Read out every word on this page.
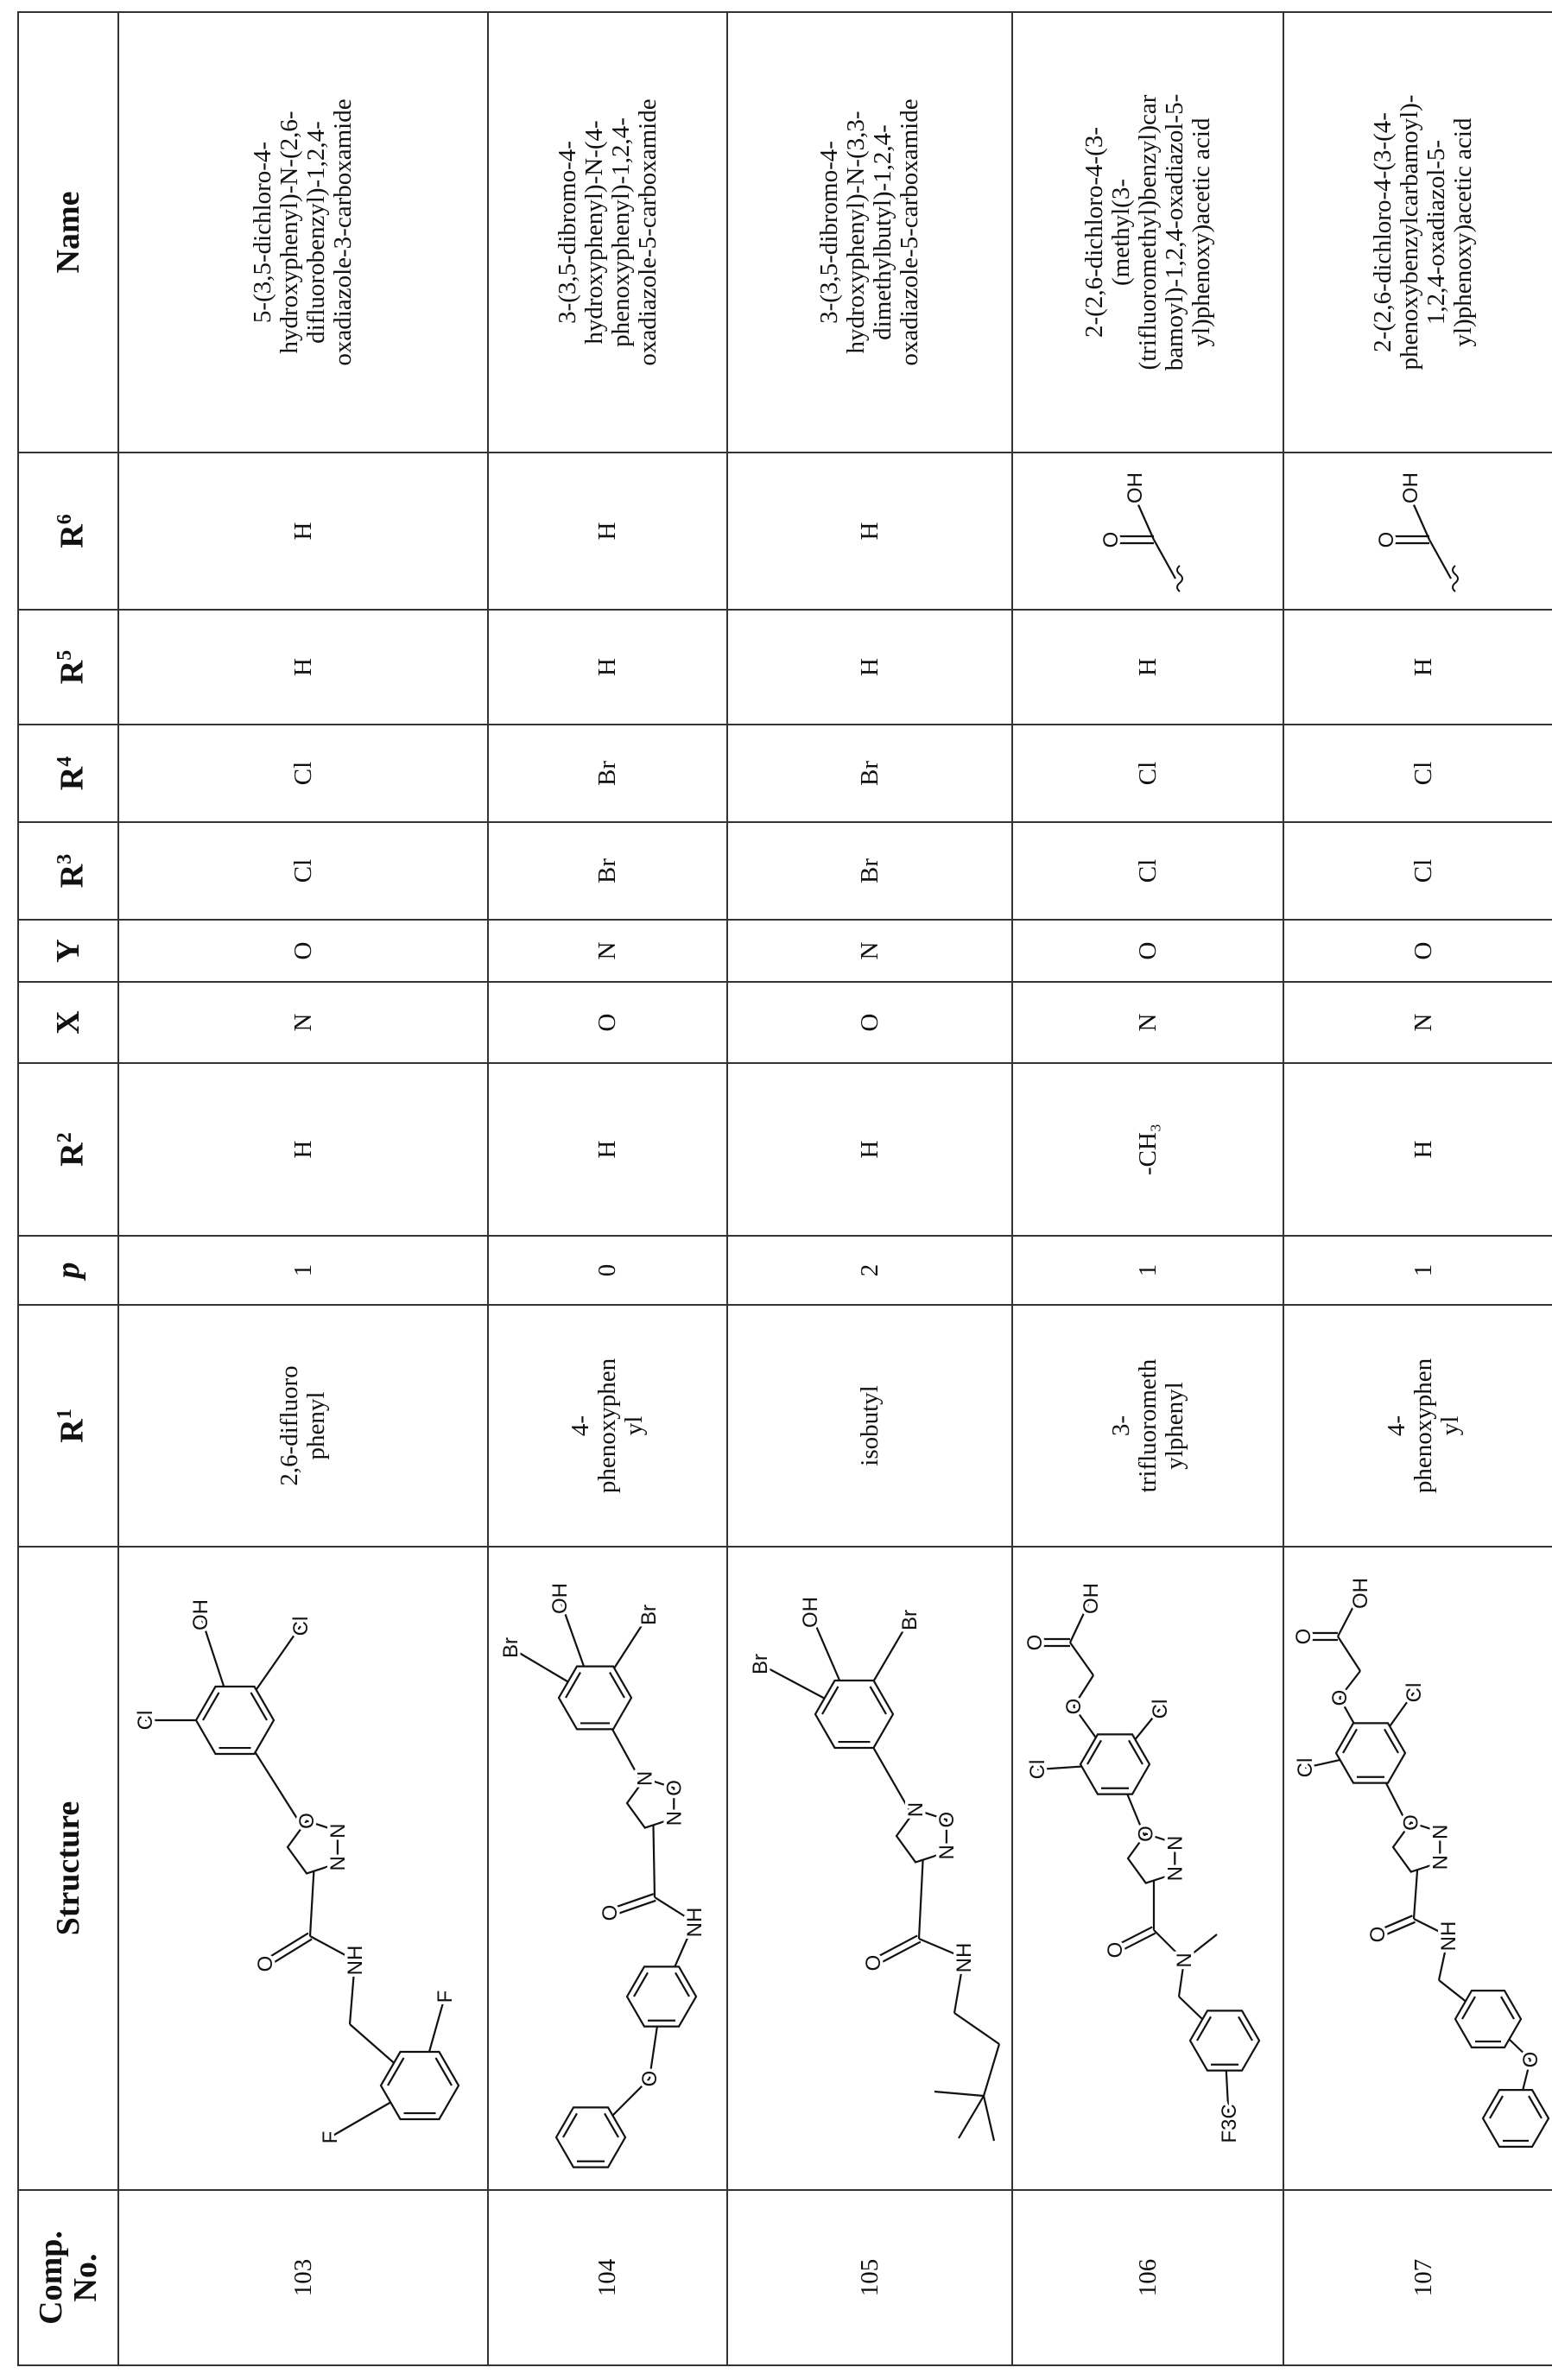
Comp.
No.	Structure	R1	p	R2	X	Y	R3	R4	R5	R6	Name
103	
O
N
N
OH
Cl
Cl
O	NH
F
F
	2,6-difluoro
phenyl	1	H	N	O	Cl	Cl	H	H	5-(3,5-dichloro-4-
hydroxyphenyl)-N-(2,6-
difluorobenzyl)-1,2,4-
oxadiazole-3-carboxamide
104	
N
O
N
OH
Br
Br
O	NH
O
	4-
phenoxyphen
yl	0	H	O	N	Br	Br	H	H	3-(3,5-dibromo-4-
hydroxyphenyl)-N-(4-
phenoxyphenyl)-1,2,4-
oxadiazole-5-carboxamide
105	
N
O
N
OH
Br
Br
O	NH
	isobutyl	2	H	O	N	Br	Br	H	H	3-(3,5-dibromo-4-
hydroxyphenyl)-N-(3,3-
dimethylbutyl)-1,2,4-
oxadiazole-5-carboxamide
106	
O
N
N
OH
O
O	Cl
Cl
O
N
F3C
	3-
trifluorometh
ylphenyl	1	-CH₃	N	O	Cl	Cl	H	
O
OH
	2-(2,6-dichloro-4-(3-
(methyl(3-
(trifluoromethyl)benzyl)car
bamoyl)-1,2,4-oxadiazol-5-
yl)phenoxy)acetic acid
107	
O
N
N
OH
O
O Cl
Cl
O NH
O
	4-
phenoxyphen
yl	1	H	N	O	Cl	Cl	H	
O
OH
	2-(2,6-dichloro-4-(3-(4-
phenoxybenzylcarbamoyl)-
1,2,4-oxadiazol-5-
yl)phenoxy)acetic acid
